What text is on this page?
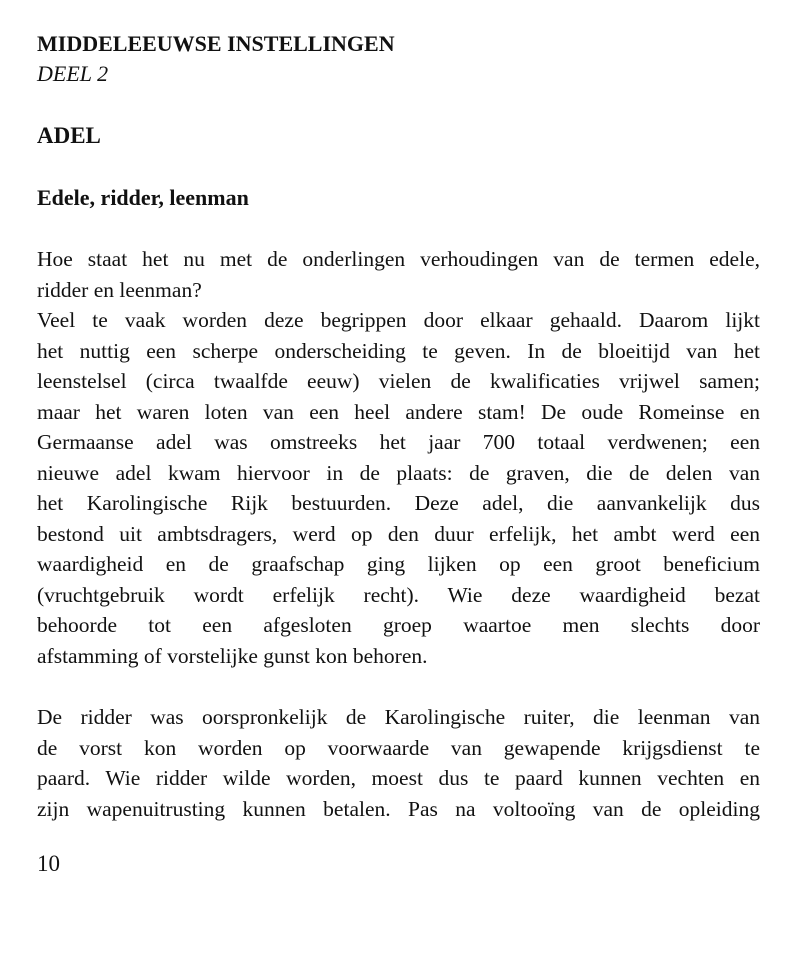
MIDDELEEUWSE INSTELLINGEN

DEEL 2

ADEL
Edele, ridder, leenman

Hoe staat het nu met de onderlingen verhoudingen van de termen edele,
ridder en leenman?
Veel te vaak worden deze begrippen door elkaar gehaald. Daarom lijkt
het nuttig een scherpe onderscheiding te geven. In de bloeitijd van het
leenstelsel (circa twaalfde eeuw) vielen de kwalificaties vrijwel samen;
maar het waren loten van een heel andere stam! De oude Romeinse en
Germaanse adel was omstreeks het jaar 700 totaal verdwenen; een
nieuwe adel kwam hiervoor in de plaats: de graven, die de delen van
het Karolingische Rijk bestuurden. Deze adel, die aanvankelijk dus
bestond uit ambtsdragers, werd op den duur erfelijk, het ambt werd een
waardigheid en de graafschap ging lijken op een groot beneficium
(vruchtgebruik wordt erfelijk recht). Wie deze waardigheid bezat
behoorde tot een afgesloten groep waartoe men slechts door
afstamming of vorstelijke gunst kon behoren.

De ridder was oorspronkelijk de Karolingische ruiter, die leenman van
de vorst kon worden op voorwaarde van gewapende krijgsdienst te
paard. Wie ridder wilde worden, moest dus te paard kunnen vechten en
zijn wapenuitrusting kunnen betalen. Pas na voltooïng van de opleiding

10
